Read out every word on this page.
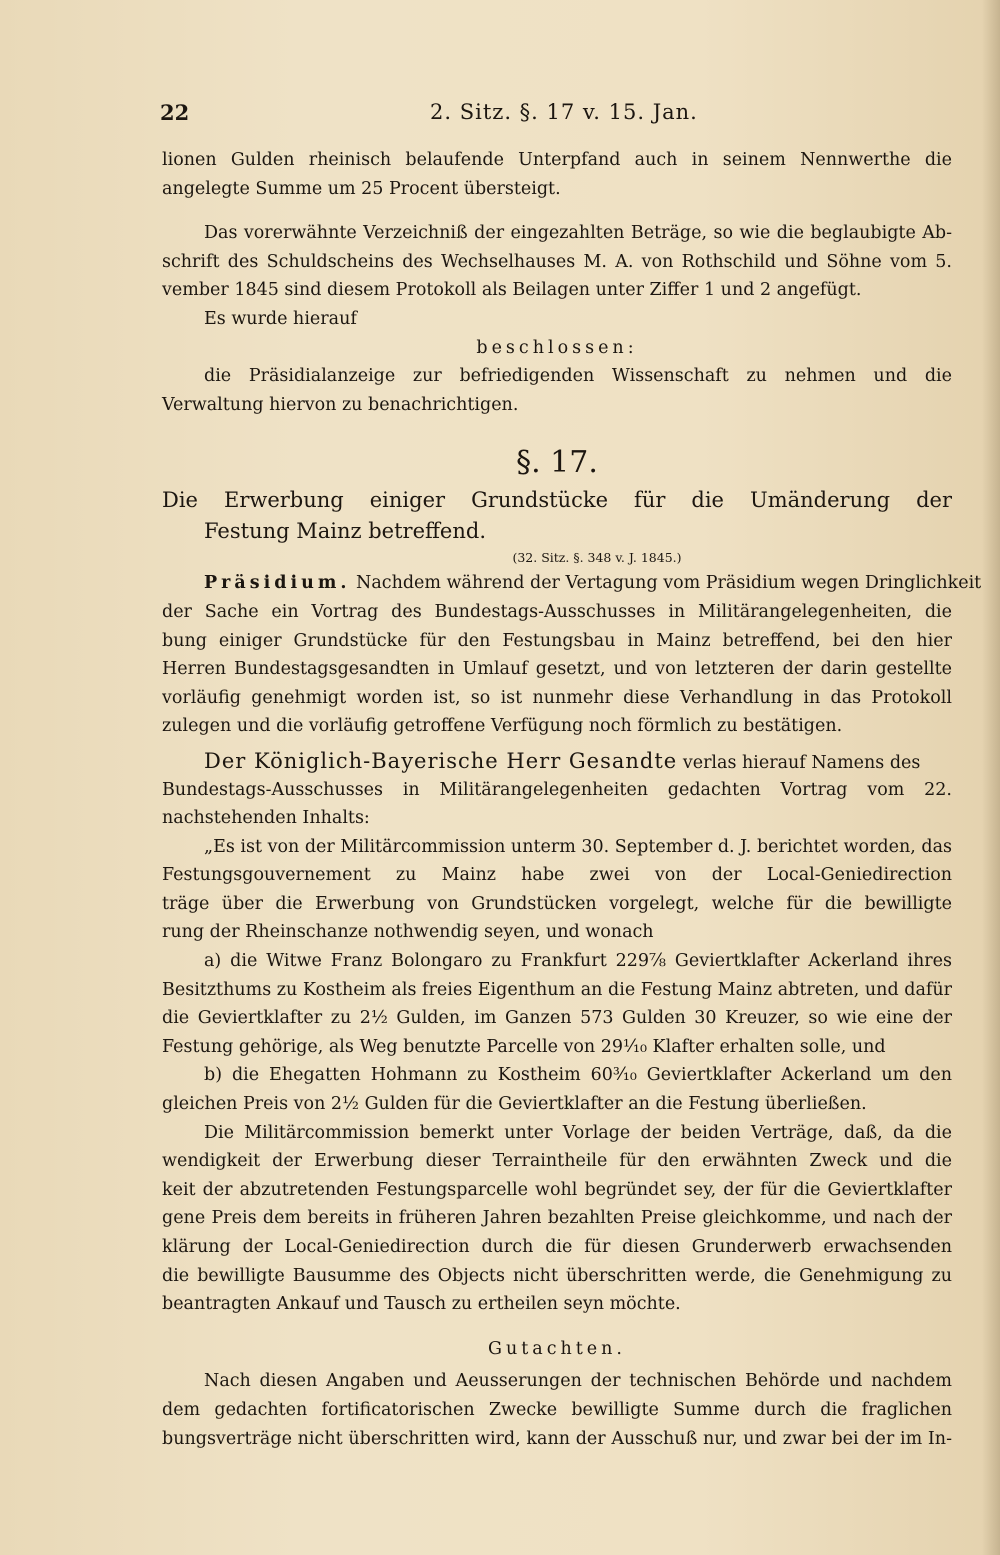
22	2. Sitz. §. 17 v. 15. Jan.
lionen Gulden rheinisch belaufende Unterpfand auch in seinem Nennwerthe die
angelegte Summe um 25 Procent übersteigt.
Das vorerwähnte Verzeichniß der eingezahlten Beträge, so wie die beglaubigte Ab-
schrift des Schuldscheins des Wechselhauses M. A. von Rothschild und Söhne vom 5.
vember 1845 sind diesem Protokoll als Beilagen unter Ziffer 1 und 2 angefügt.
Es wurde hierauf
beschlossen:
die Präsidialanzeige zur befriedigenden Wissenschaft zu nehmen und die
Verwaltung hiervon zu benachrichtigen.
§. 17.
Die Erwerbung einiger Grundstücke für die Umänderung der
Festung Mainz betreffend.
(32. Sitz. §. 348 v. J. 1845.)
Präsidium. Nachdem während der Vertagung vom Präsidium wegen Dringlichkeit
der Sache ein Vortrag des Bundestags-Ausschusses in Militärangelegenheiten, die
bung einiger Grundstücke für den Festungsbau in Mainz betreffend, bei den hier
Herren Bundestagsgesandten in Umlauf gesetzt, und von letzteren der darin gestellte
vorläufig genehmigt worden ist, so ist nunmehr diese Verhandlung in das Protokoll
zulegen und die vorläufig getroffene Verfügung noch förmlich zu bestätigen.
Der Königlich-Bayerische Herr Gesandte verlas hierauf Namens des
Bundestags-Ausschusses in Militärangelegenheiten gedachten Vortrag vom 22.
nachstehenden Inhalts:
„Es ist von der Militärcommission unterm 30. September d. J. berichtet worden, das
Festungsgouvernement zu Mainz habe zwei von der Local-Geniedirection
träge über die Erwerbung von Grundstücken vorgelegt, welche für die bewilligte
rung der Rheinschanze nothwendig seyen, und wonach
a) die Witwe Franz Bolongaro zu Frankfurt 229⅞ Geviertklafter Ackerland ihres
Besitzthums zu Kostheim als freies Eigenthum an die Festung Mainz abtreten, und dafür
die Geviertklafter zu 2½ Gulden, im Ganzen 573 Gulden 30 Kreuzer, so wie eine der
Festung gehörige, als Weg benutzte Parcelle von 29¹⁄₁₀ Klafter erhalten solle, und
b) die Ehegatten Hohmann zu Kostheim 60³⁄₁₀ Geviertklafter Ackerland um den
gleichen Preis von 2½ Gulden für die Geviertklafter an die Festung überließen.
Die Militärcommission bemerkt unter Vorlage der beiden Verträge, daß, da die
wendigkeit der Erwerbung dieser Terraintheile für den erwähnten Zweck und die
keit der abzutretenden Festungsparcelle wohl begründet sey, der für die Geviertklafter
gene Preis dem bereits in früheren Jahren bezahlten Preise gleichkomme, und nach der
klärung der Local-Geniedirection durch die für diesen Grunderwerb erwachsenden
die bewilligte Bausumme des Objects nicht überschritten werde, die Genehmigung zu
beantragten Ankauf und Tausch zu ertheilen seyn möchte.
Gutachten.
Nach diesen Angaben und Aeusserungen der technischen Behörde und nachdem
dem gedachten fortificatorischen Zwecke bewilligte Summe durch die fraglichen
bungsverträge nicht überschritten wird, kann der Ausschuß nur, und zwar bei der im In-
